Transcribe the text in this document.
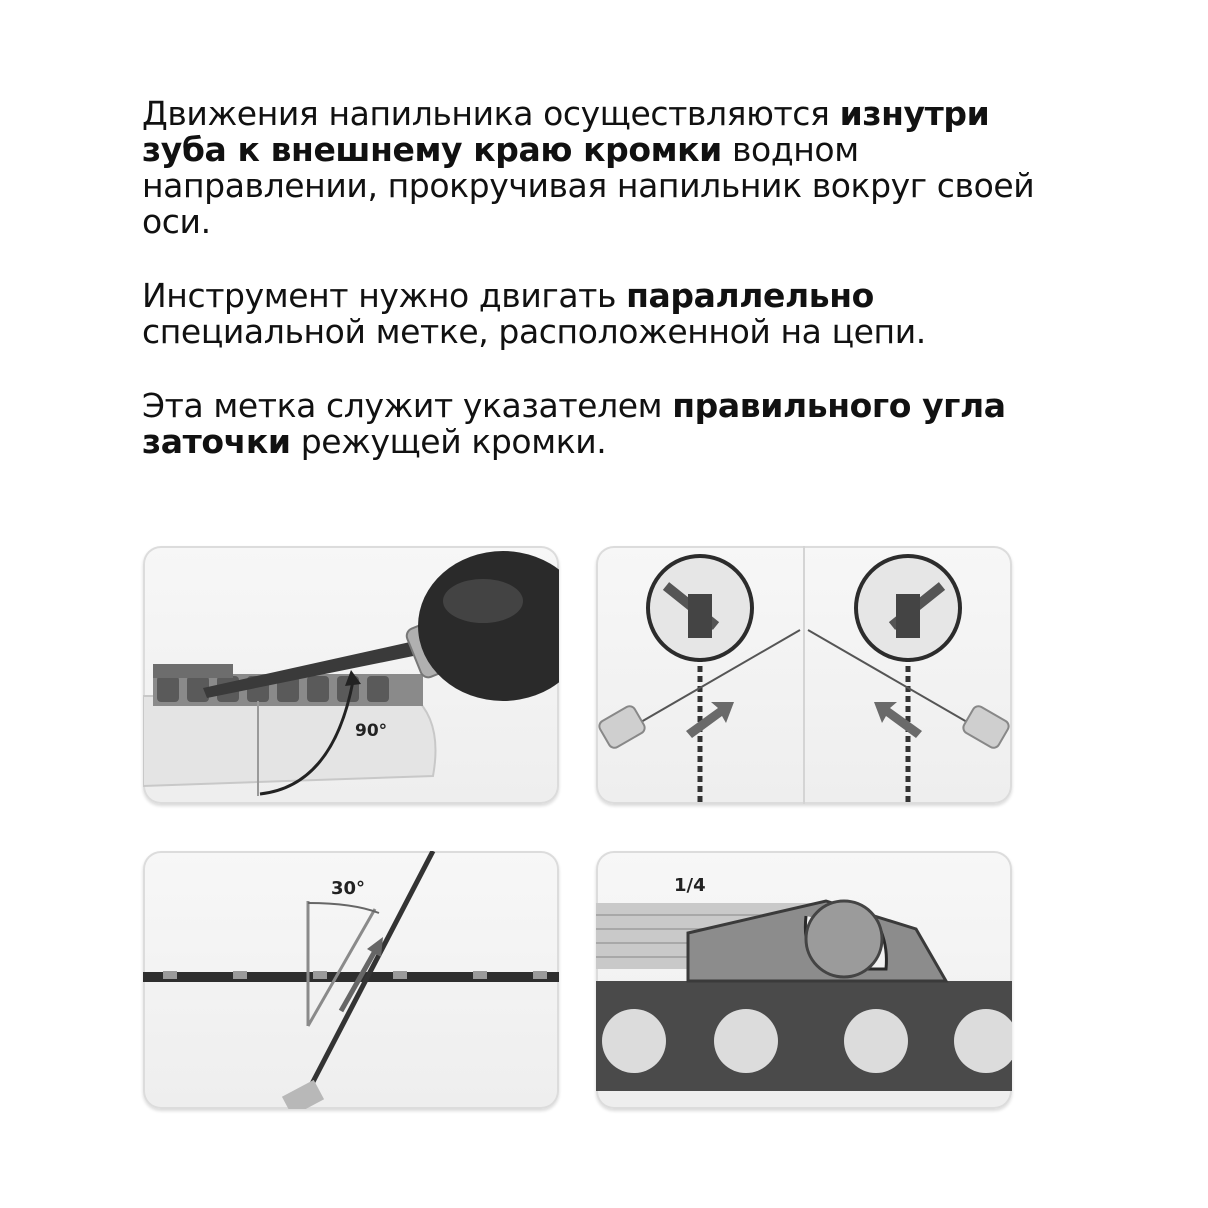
Движения напильника осуществляются изнутри зуба к внешнему краю кромки водном направлении, прокручивая напильник вокруг своей оси.

Инструмент нужно двигать параллельно специальной метке, расположенной на цепи.

Эта метка служит указателем правильного угла заточки режущей кромки.

90°
30°	1/4
